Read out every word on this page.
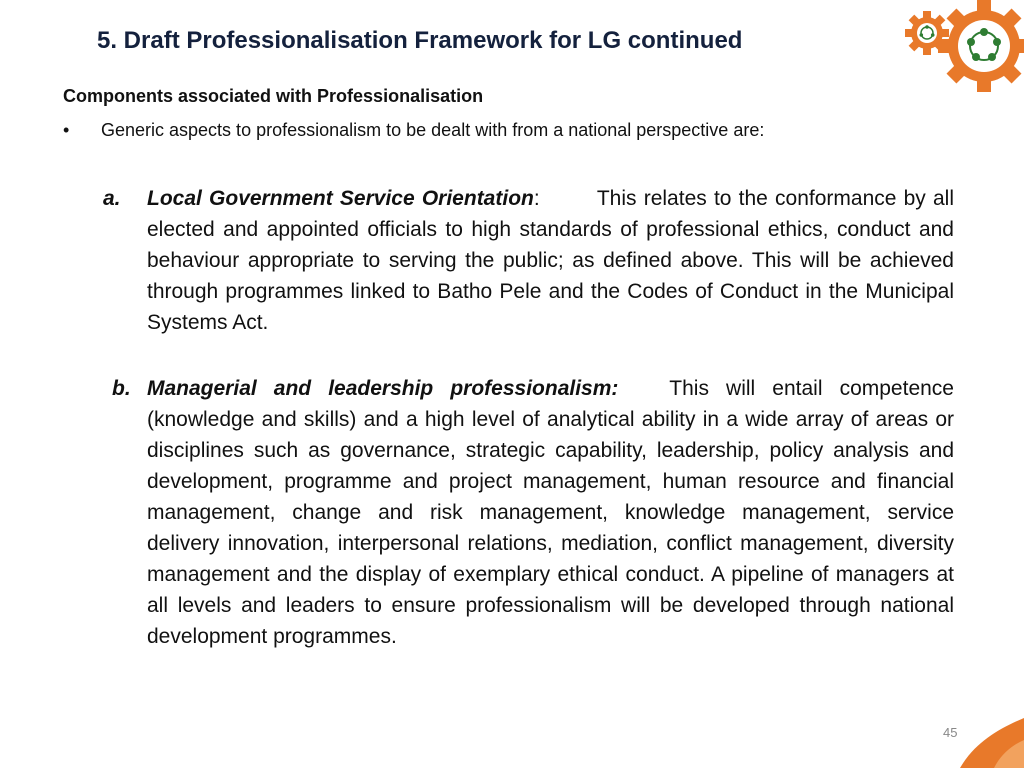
5. Draft Professionalisation Framework for LG continued
Components associated with Professionalisation
• Generic aspects to professionalism to be dealt with from a national perspective are:
a. Local Government Service Orientation:	This relates to the conformance by all elected and appointed officials to high standards of professional ethics, conduct and behaviour appropriate to serving the public; as defined above. This will be achieved through programmes linked to Batho Pele and the Codes of Conduct in the Municipal Systems Act.
b. Managerial and leadership professionalism: This will entail competence (knowledge and skills) and a high level of analytical ability in a wide array of areas or disciplines such as governance, strategic capability, leadership, policy analysis and development, programme and project management, human resource and financial management, change and risk management, knowledge management, service delivery innovation, interpersonal relations, mediation, conflict management, diversity management and the display of exemplary ethical conduct. A pipeline of managers at all levels and leaders to ensure professionalism will be developed through national development programmes.
45
